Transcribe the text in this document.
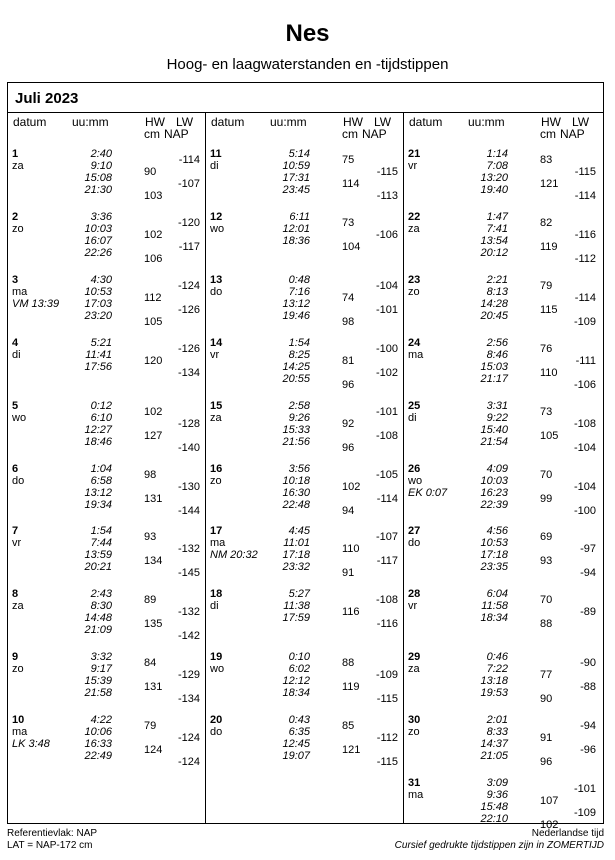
Nes
Hoog- en laagwaterstanden en -tijdstippen
Juli 2023
datum uu:mm	HW LW
cm NAP
1
za
2:40	-114
9:10	90
15:08	-107
21:30	103
2
zo
3:36	-120
10:03	102
16:07	-117
22:26	106
3
ma
VM 13:39
4:30	-124
10:53	112
17:03	-126
23:20	105
4
di
5:21	-126
11:41	120
17:56	-134
5
wo
0:12	102
6:10	-128
12:27	127
18:46	-140
6
do
1:04	98
6:58	-130
13:12	131
19:34	-144
7
vr
1:54	93
7:44	-132
13:59	134
20:21	-145
8
za
2:43	89
8:30	-132
14:48	135
21:09	-142
9
zo
3:32	84
9:17	-129
15:39	131
21:58	-134
10
ma
LK 3:48
4:22	79
10:06	-124
16:33	124
22:49	-124
datum uu:mm	HW LW
cm NAP
11
di
5:14	75
10:59	-115
17:31	114
23:45	-113
12
wo
6:11	73
12:01	-106
18:36	104
13
do
0:48	-104
7:16	74
13:12	-101
19:46	98
14
vr
1:54	-100
8:25	81
14:25	-102
20:55	96
15
za
2:58	-101
9:26	92
15:33	-108
21:56	96
16
zo
3:56	-105
10:18	102
16:30	-114
22:48	94
17
ma
NM 20:32
4:45	-107
11:01	110
17:18	-117
23:32	91
18
di
5:27	-108
11:38	116
17:59	-116
19
wo
0:10	88
6:02	-109
12:12	119
18:34	-115
20
do
0:43	85
6:35	-112
12:45	121
19:07	-115
datum uu:mm	HW LW
cm NAP
21
vr
1:14	83
7:08	-115
13:20	121
19:40	-114
22
za
1:47	82
7:41	-116
13:54	119
20:12	-112
23
zo
2:21	79
8:13	-114
14:28	115
20:45	-109
24
ma
2:56	76
8:46	-111
15:03	110
21:17	-106
25
di
3:31	73
9:22	-108
15:40	105
21:54	-104
26
wo
EK 0:07
4:09	70
10:03	-104
16:23	99
22:39	-100
27
do
4:56	69
10:53	-97
17:18	93
23:35	-94
28
vr
6:04	70
11:58	-89
18:34	88
29
za
0:46	-90
7:22	77
13:18	-88
19:53	90
30
zo
2:01	-94
8:33	91
14:37	-96
21:05	96
31
ma
3:09	-101
9:36	107
15:48	-109
22:10	102
Referentievlak: NAP
LAT = NAP-172 cm
Nederlandse tijd
Cursief gedrukte tijdstippen zijn in ZOMERTIJD
